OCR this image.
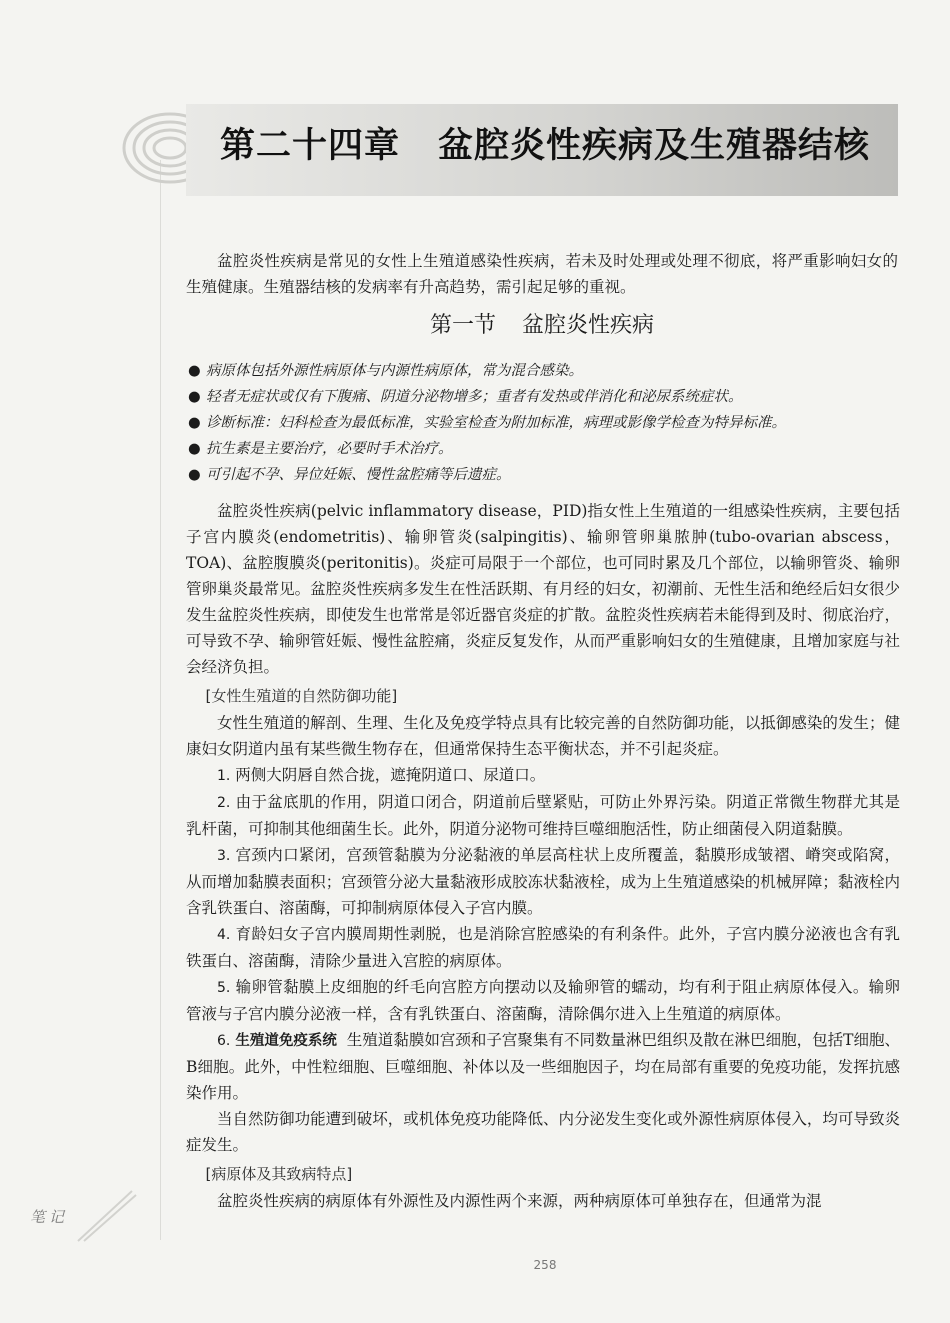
第二十四章 盆腔炎性疾病及生殖器结核

盆腔炎性疾病是常见的女性上生殖道感染性疾病，若未及时处理或处理不彻底，将严重影响妇女的生殖健康。生殖器结核的发病率有升高趋势，需引起足够的重视。

第一节 盆腔炎性疾病
● 病原体包括外源性病原体与内源性病原体，常为混合感染。
● 轻者无症状或仅有下腹痛、阴道分泌物增多；重者有发热或伴消化和泌尿系统症状。
● 诊断标准：妇科检查为最低标准，实验室检查为附加标准，病理或影像学检查为特异标准。
● 抗生素是主要治疗，必要时手术治疗。
● 可引起不孕、异位妊娠、慢性盆腔痛等后遗症。

盆腔炎性疾病(pelvic inflammatory disease，PID)指女性上生殖道的一组感染性疾病，主要包括子宫内膜炎(endometritis)、输卵管炎(salpingitis)、输卵管卵巢脓肿(tubo-ovarian abscess，TOA)、盆腔腹膜炎(peritonitis)。炎症可局限于一个部位，也可同时累及几个部位，以输卵管炎、输卵管卵巢炎最常见。盆腔炎性疾病多发生在性活跃期、有月经的妇女，初潮前、无性生活和绝经后妇女很少发生盆腔炎性疾病，即使发生也常常是邻近器官炎症的扩散。盆腔炎性疾病若未能得到及时、彻底治疗，可导致不孕、输卵管妊娠、慢性盆腔痛，炎症反复发作，从而严重影响妇女的生殖健康，且增加家庭与社会经济负担。

[女性生殖道的自然防御功能]

女性生殖道的解剖、生理、生化及免疫学特点具有比较完善的自然防御功能，以抵御感染的发生；健康妇女阴道内虽有某些微生物存在，但通常保持生态平衡状态，并不引起炎症。

1. 两侧大阴唇自然合拢，遮掩阴道口、尿道口。

2. 由于盆底肌的作用，阴道口闭合，阴道前后壁紧贴，可防止外界污染。阴道正常微生物群尤其是乳杆菌，可抑制其他细菌生长。此外，阴道分泌物可维持巨噬细胞活性，防止细菌侵入阴道黏膜。

3. 宫颈内口紧闭，宫颈管黏膜为分泌黏液的单层高柱状上皮所覆盖，黏膜形成皱褶、嵴突或陷窝，从而增加黏膜表面积；宫颈管分泌大量黏液形成胶冻状黏液栓，成为上生殖道感染的机械屏障；黏液栓内含乳铁蛋白、溶菌酶，可抑制病原体侵入子宫内膜。

4. 育龄妇女子宫内膜周期性剥脱，也是消除宫腔感染的有利条件。此外，子宫内膜分泌液也含有乳铁蛋白、溶菌酶，清除少量进入宫腔的病原体。

5. 输卵管黏膜上皮细胞的纤毛向宫腔方向摆动以及输卵管的蠕动，均有利于阻止病原体侵入。输卵管液与子宫内膜分泌液一样，含有乳铁蛋白、溶菌酶，清除偶尔进入上生殖道的病原体。

6. 生殖道免疫系统 生殖道黏膜如宫颈和子宫聚集有不同数量淋巴组织及散在淋巴细胞，包括T细胞、B细胞。此外，中性粒细胞、巨噬细胞、补体以及一些细胞因子，均在局部有重要的免疫功能，发挥抗感染作用。

当自然防御功能遭到破坏，或机体免疫功能降低、内分泌发生变化或外源性病原体侵入，均可导致炎症发生。

[病原体及其致病特点]

盆腔炎性疾病的病原体有外源性及内源性两个来源，两种病原体可单独存在，但通常为混

笔记
258
